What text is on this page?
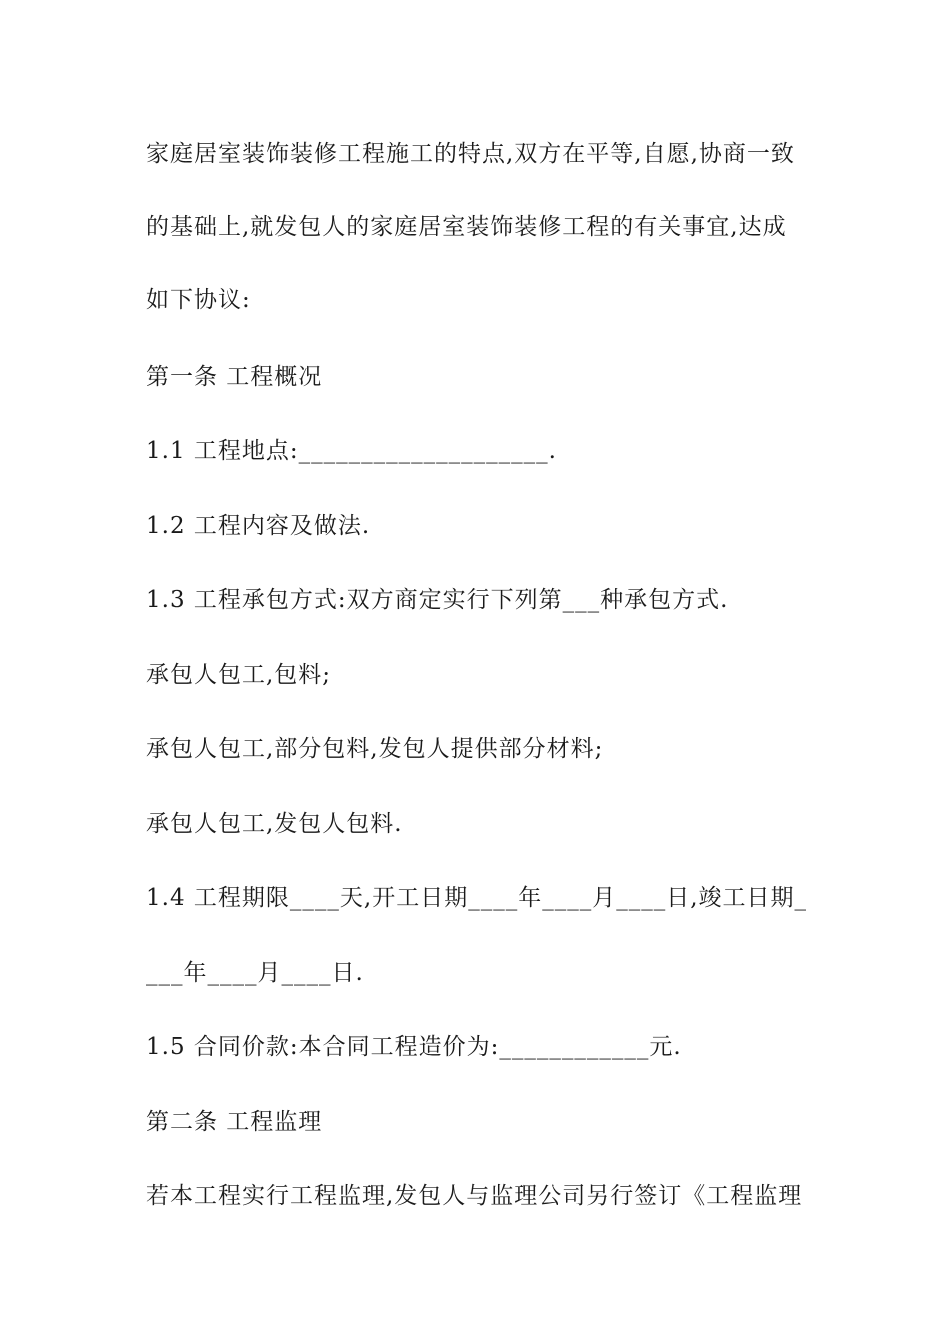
家庭居室装饰装修工程施工的特点,双方在平等,自愿,协商一致
的基础上,就发包人的家庭居室装饰装修工程的有关事宜,达成
如下协议:
第一条 工程概况
1.1 工程地点:____________________.
1.2 工程内容及做法.
1.3 工程承包方式:双方商定实行下列第___种承包方式.
承包人包工,包料;
承包人包工,部分包料,发包人提供部分材料;
承包人包工,发包人包料.
1.4 工程期限____天,开工日期____年____月____日,竣工日期_
___年____月____日.
1.5 合同价款:本合同工程造价为:____________元.
第二条 工程监理
若本工程实行工程监理,发包人与监理公司另行签订《工程监理
